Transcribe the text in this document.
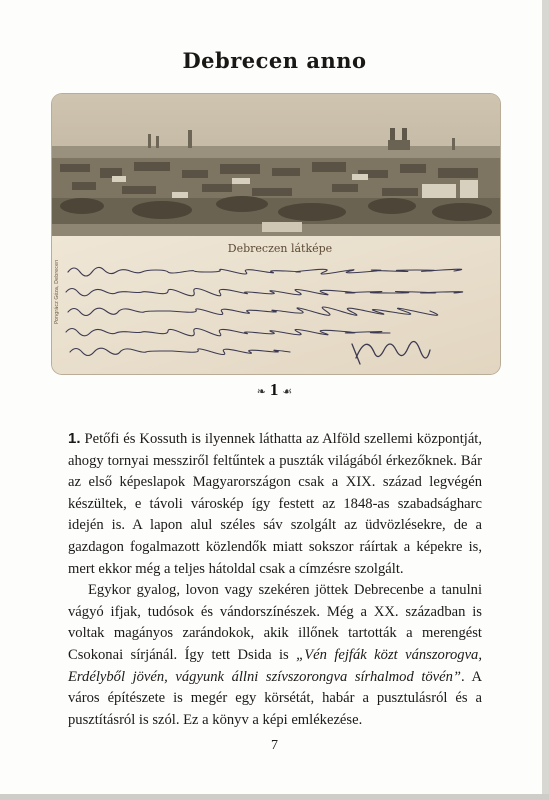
Debrecen anno
Debreczen látképe
Pongrácz Géza, Debrecen
❧ 1 ☙

1. Petőfi és Kossuth is ilyennek láthatta az Alföld szellemi központját, ahogy tornyai messziről feltűntek a puszták világából érkezőknek. Bár az első képeslapok Magyarországon csak a XIX. század legvégén készültek, e távoli városkép így festett az 1848-as szabadságharc idején is. A lapon alul széles sáv szolgált az üdvözlésekre, de a gazdagon fogalmazott közlendők miatt sokszor ráírtak a képekre is, mert ekkor még a teljes hátoldal csak a címzésre szolgált.

Egykor gyalog, lovon vagy szekéren jöttek Debrecenbe a tanulni vágyó ifjak, tudósok és vándorszínészek. Még a XX. században is voltak magányos zarándokok, akik illőnek tartották a merengést Csokonai sírjánál. Így tett Dsida is „Vén fejfák közt vánszorogva, Erdélyből jövén, vágyunk állni szívszorongva sírhalmod tövén”. A város építészete is megér egy körsétát, habár a pusztulásról és a pusztításról is szól. Ez a könyv a képi emlékezése.

7
